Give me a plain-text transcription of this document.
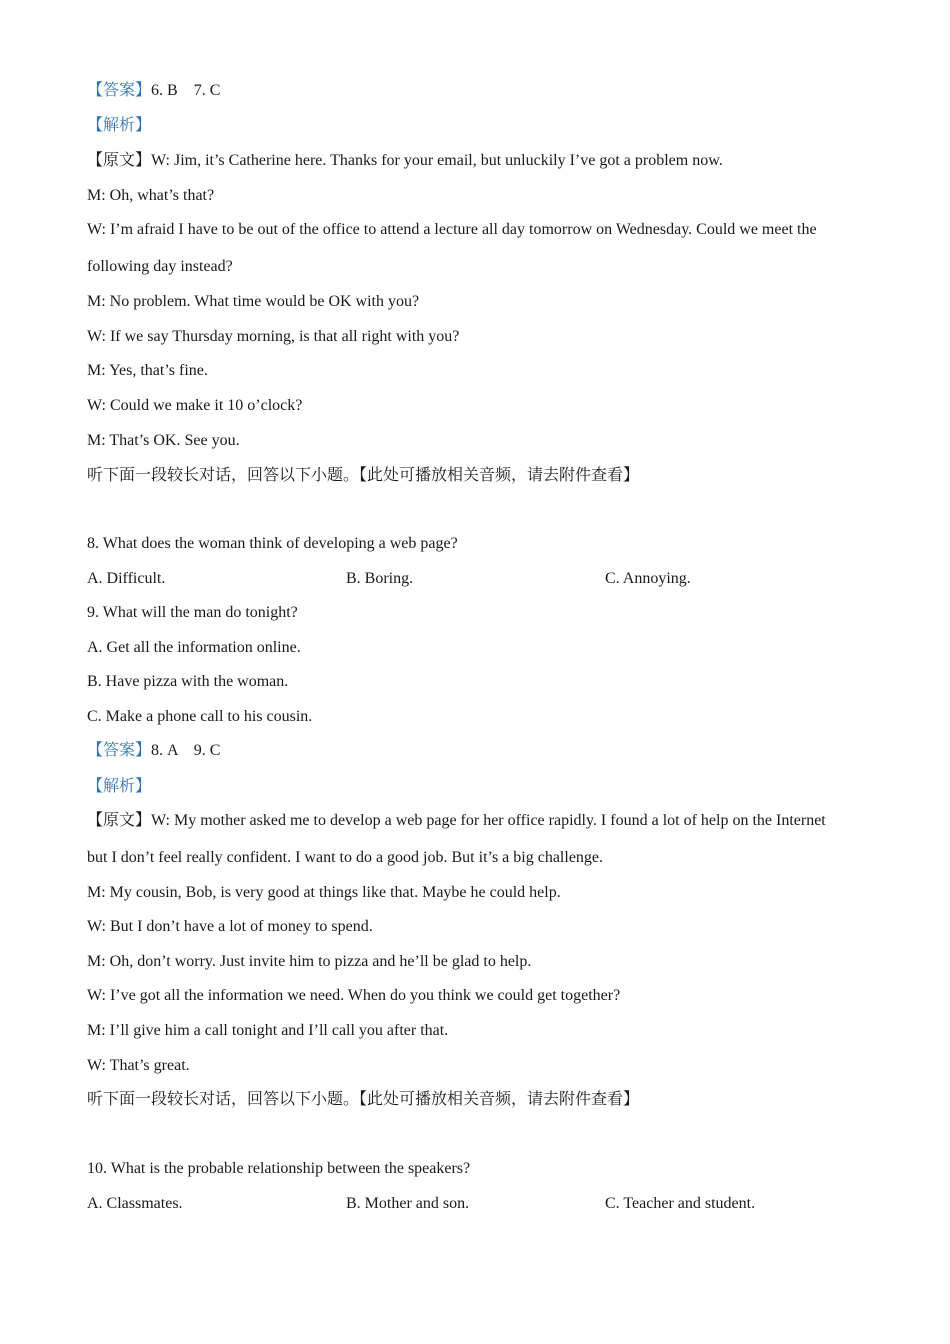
【答案】6. B    7. C
【解析】
【原文】W: Jim, it’s Catherine here. Thanks for your email, but unluckily I’ve got a problem now.
M: Oh, what’s that?
W: I’m afraid I have to be out of the office to attend a lecture all day tomorrow on Wednesday. Could we meet the
following day instead?
M: No problem. What time would be OK with you?
W: If we say Thursday morning, is that all right with you?
M: Yes, that’s fine.
W: Could we make it 10 o’clock?
M: That’s OK. See you.
听下面一段较长对话，回答以下小题。【此处可播放相关音频，请去附件查看】
8. What does the woman think of developing a web page?
A. Difficult.	B. Boring.	C. Annoying.
9. What will the man do tonight?
A. Get all the information online.
B. Have pizza with the woman.
C. Make a phone call to his cousin.
【答案】8. A    9. C
【解析】
【原文】W: My mother asked me to develop a web page for her office rapidly. I found a lot of help on the Internet
but I don’t feel really confident. I want to do a good job. But it’s a big challenge.
M: My cousin, Bob, is very good at things like that. Maybe he could help.
W: But I don’t have a lot of money to spend.
M: Oh, don’t worry. Just invite him to pizza and he’ll be glad to help.
W: I’ve got all the information we need. When do you think we could get together?
M: I’ll give him a call tonight and I’ll call you after that.
W: That’s great.
听下面一段较长对话，回答以下小题。【此处可播放相关音频，请去附件查看】
10. What is the probable relationship between the speakers?
A. Classmates.	B. Mother and son.	C. Teacher and student.
